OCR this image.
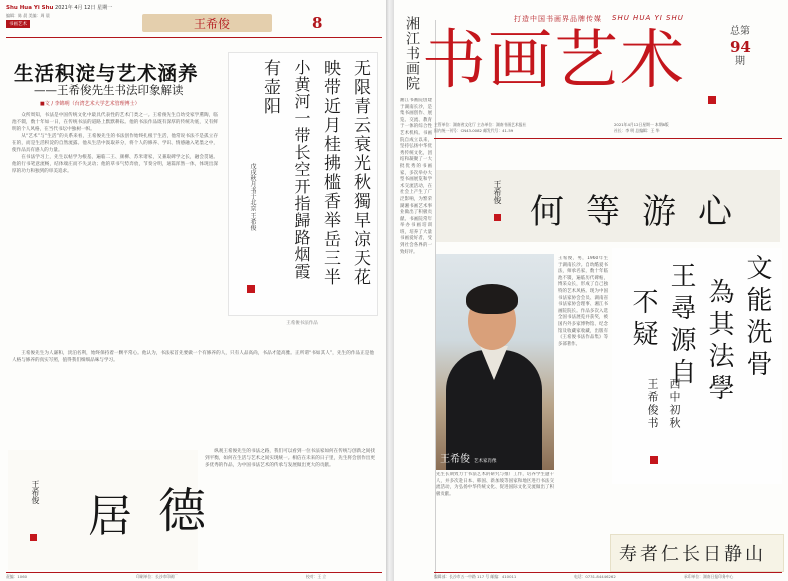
Shu Hua Yi Shu 2021年 4月 12日 星期一
编辑：陈 晨 美编：周 晨
书画艺术	王希俊	8
生活积淀与艺术涵养
——王希俊先生书法印象解读
■文 / 李锦明（台湾艺术大学艺术管理博士）

众所周知，书法是中国传统文化中最具代表性的艺术门类之一。王希俊先生自幼受家学熏陶，临池不辍，数十年如一日，在传统书法的道路上默默耕耘。他的书法作品既有深厚的传统功底，又有鲜明的个人风格，在当代书坛中独树一帜。

从“艺术”与“生活”的关系来看，王希俊先生的书法创作始终扎根于生活，他常说书法不是孤立存在的，而是生活积淀的自然流露。他从生活中汲取养分，将个人的修养、学识、情感融入笔墨之中，使作品具有感人的力量。

在书法学习上，先生以帖学为根基，遍临二王、颜柳、苏米诸家，又兼取碑学之长，融会贯通。他的行书笔意流畅，结体端庄而不失灵动；他的草书气势奔放，节奏分明，通篇浑然一体，体现出深厚的功力和独到的审美追求。

王希俊先生为人谦和，淡泊名利，始终保持着一颗平常心。他认为，书法家首先要做一个有修养的人，只有人品高尚，书品才能高雅。正所谓“书如其人”，先生的作品正是他人格与修养的真实写照，值得我们细细品味与学习。

纵观王希俊先生的书法之路，我们可以看到一位书法家如何在传统与创新之间找到平衡，如何在生活与艺术之间实现统一。相信在未来的日子里，先生将会创作出更多优秀的作品，为中国书法艺术的传承与发展做出更大的贡献。

无限青云衰光秋獨早凉天花
映带近月桂拂槛香举岳三半
小黄河一带长空开指歸路烟霞
有壶阳
戊戌秋月书于北京 王希俊
王希俊书法作品
德
居
王希俊
责编：1060	印刷单位：长沙市印刷厂	校对：王 立
湘江书画院
湘江书画院创建于湖南长沙，是集书画创作、展览、交流、教育于一体的综合性艺术机构。书画院自成立以来，坚持弘扬中华优秀传统文化，团结和凝聚了一大批优秀的书画家，多次举办大型书画展览和学术交流活动，在社会上产生了广泛影响，为繁荣湖湘书画艺术事业做出了积极贡献。书画院常年举办书画培训班，培养了大量书画爱好者，受到社会各界的一致好评。
打造中国书画界品牌传媒 SHU HUA YI SHU
书画艺术	总第
94
期
主管单位：湖南省文化厅 主办单位：湖南书画艺术报社
国内统一刊号：CN43-0082 邮发代号：41-59
2021年4月12日星期一 本期8版
社长：李 明 总编辑：王 华
何 等 游 心
王希俊
王希俊 艺术家肖像
王希俊，男，1960年生于湖南长沙。自幼酷爱书法，师承名家，数十年临池不辍，遍临历代碑帖，博采众长，形成了自己独特的艺术风格。现为中国书法家协会会员、湖南省书法家协会理事、湘江书画院院长。作品多次入选全国书法展览并获奖，被国内外多家博物馆、纪念馆及收藏家收藏，出版有《王希俊书法作品集》等多部著作。
先生长期致力于书法艺术的研究与推广工作，培养学生逾千人，并多次赴日本、韩国、新加坡等国家和地区进行书法交流活动，为弘扬中华传统文化、促进国际文化交流做出了积极贡献。
文能洗骨
為其法學
王尋源自
不疑
西中初秋
王希俊书
寿者仁长日静山
编辑部：长沙市五一中路 117 号 邮编：410011	电话：0731-84446262	承印单位：湖南日报印务中心
